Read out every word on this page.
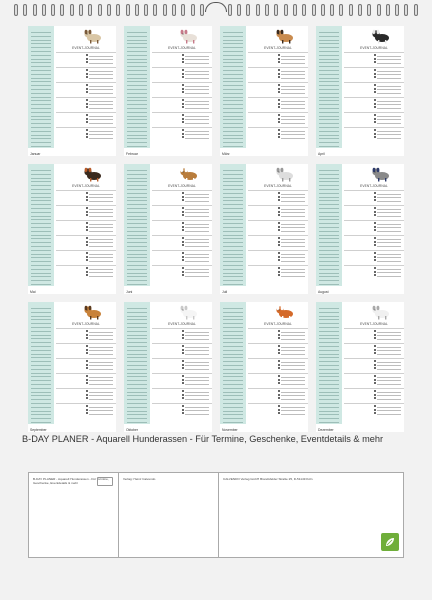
EVENT-JOURNAL
Januar
EVENT-JOURNAL
Februar
EVENT-JOURNAL
März
EVENT-JOURNAL
April
EVENT-JOURNAL
Mai
EVENT-JOURNAL
Juni
EVENT-JOURNAL
Juli
EVENT-JOURNAL
August
EVENT-JOURNAL
September
EVENT-JOURNAL
Oktober
EVENT-JOURNAL
November
EVENT-JOURNAL
Dezember
B-DAY PLANER - Aquarell Hunderassen - Für Termine, Geschenke, Eventdetails & mehr
B-DAY PLANER - Aquarell Hunderassen - Für Termine, Geschenke, Eventdetails & mehr
Verlag: Heinz Calvendo	CALVENDO Verlag GmbH Brandsfelder Straße 25, D-51149 Köln
